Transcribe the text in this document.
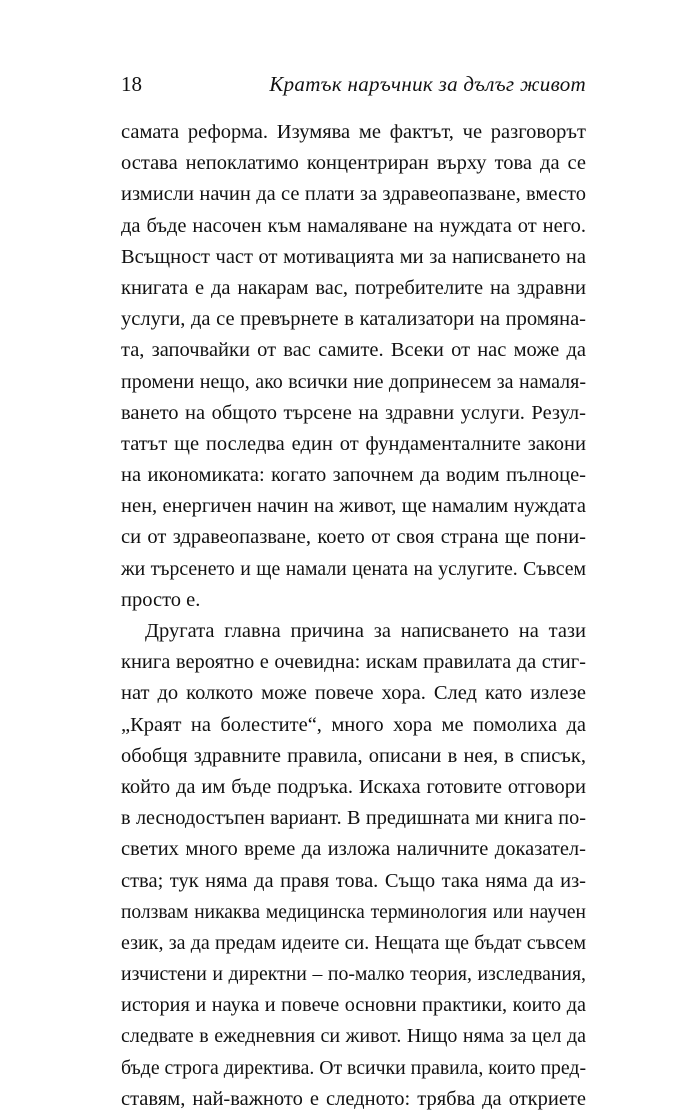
18	Кратък наръчник за дълъг живот
самата реформа. Изумява ме фактът, че разговорът
остава непоклатимо концентриран върху това да се
измисли начин да се плати за здравеопазване, вместо
да бъде насочен към намаляване на нуждата от него.
Всъщност част от мотивацията ми за написването на
книгата е да накарам вас, потребителите на здравни
услуги, да се превърнете в катализатори на промяна-
та, започвайки от вас самите. Всеки от нас може да
промени нещо, ако всички ние допринесем за намаля-
ването на общото търсене на здравни услуги. Резул-
татът ще последва един от фундаменталните закони
на икономиката: когато започнем да водим пълноце-
нен, енергичен начин на живот, ще намалим нуждата
си от здравеопазване, което от своя страна ще пони-
жи търсенето и ще намали цената на услугите. Съвсем
просто е.
Другата главна причина за написването на тази
книга вероятно е очевидна: искам правилата да стиг-
нат до колкото може повече хора. След като излезе
„Краят на болестите“, много хора ме помолиха да
обобщя здравните правила, описани в нея, в списък,
който да им бъде подръка. Искаха готовите отговори
в леснодостъпен вариант. В предишната ми книга по-
светих много време да изложа наличните доказател-
ства; тук няма да правя това. Също така няма да из-
ползвам никаква медицинска терминология или научен
език, за да предам идеите си. Нещата ще бъдат съвсем
изчистени и директни – по-малко теория, изследвания,
история и наука и повече основни практики, които да
следвате в ежедневния си живот. Нищо няма за цел да
бъде строга директива. От всички правила, които пред-
ставям, най-важното е следното: трябва да откриете
